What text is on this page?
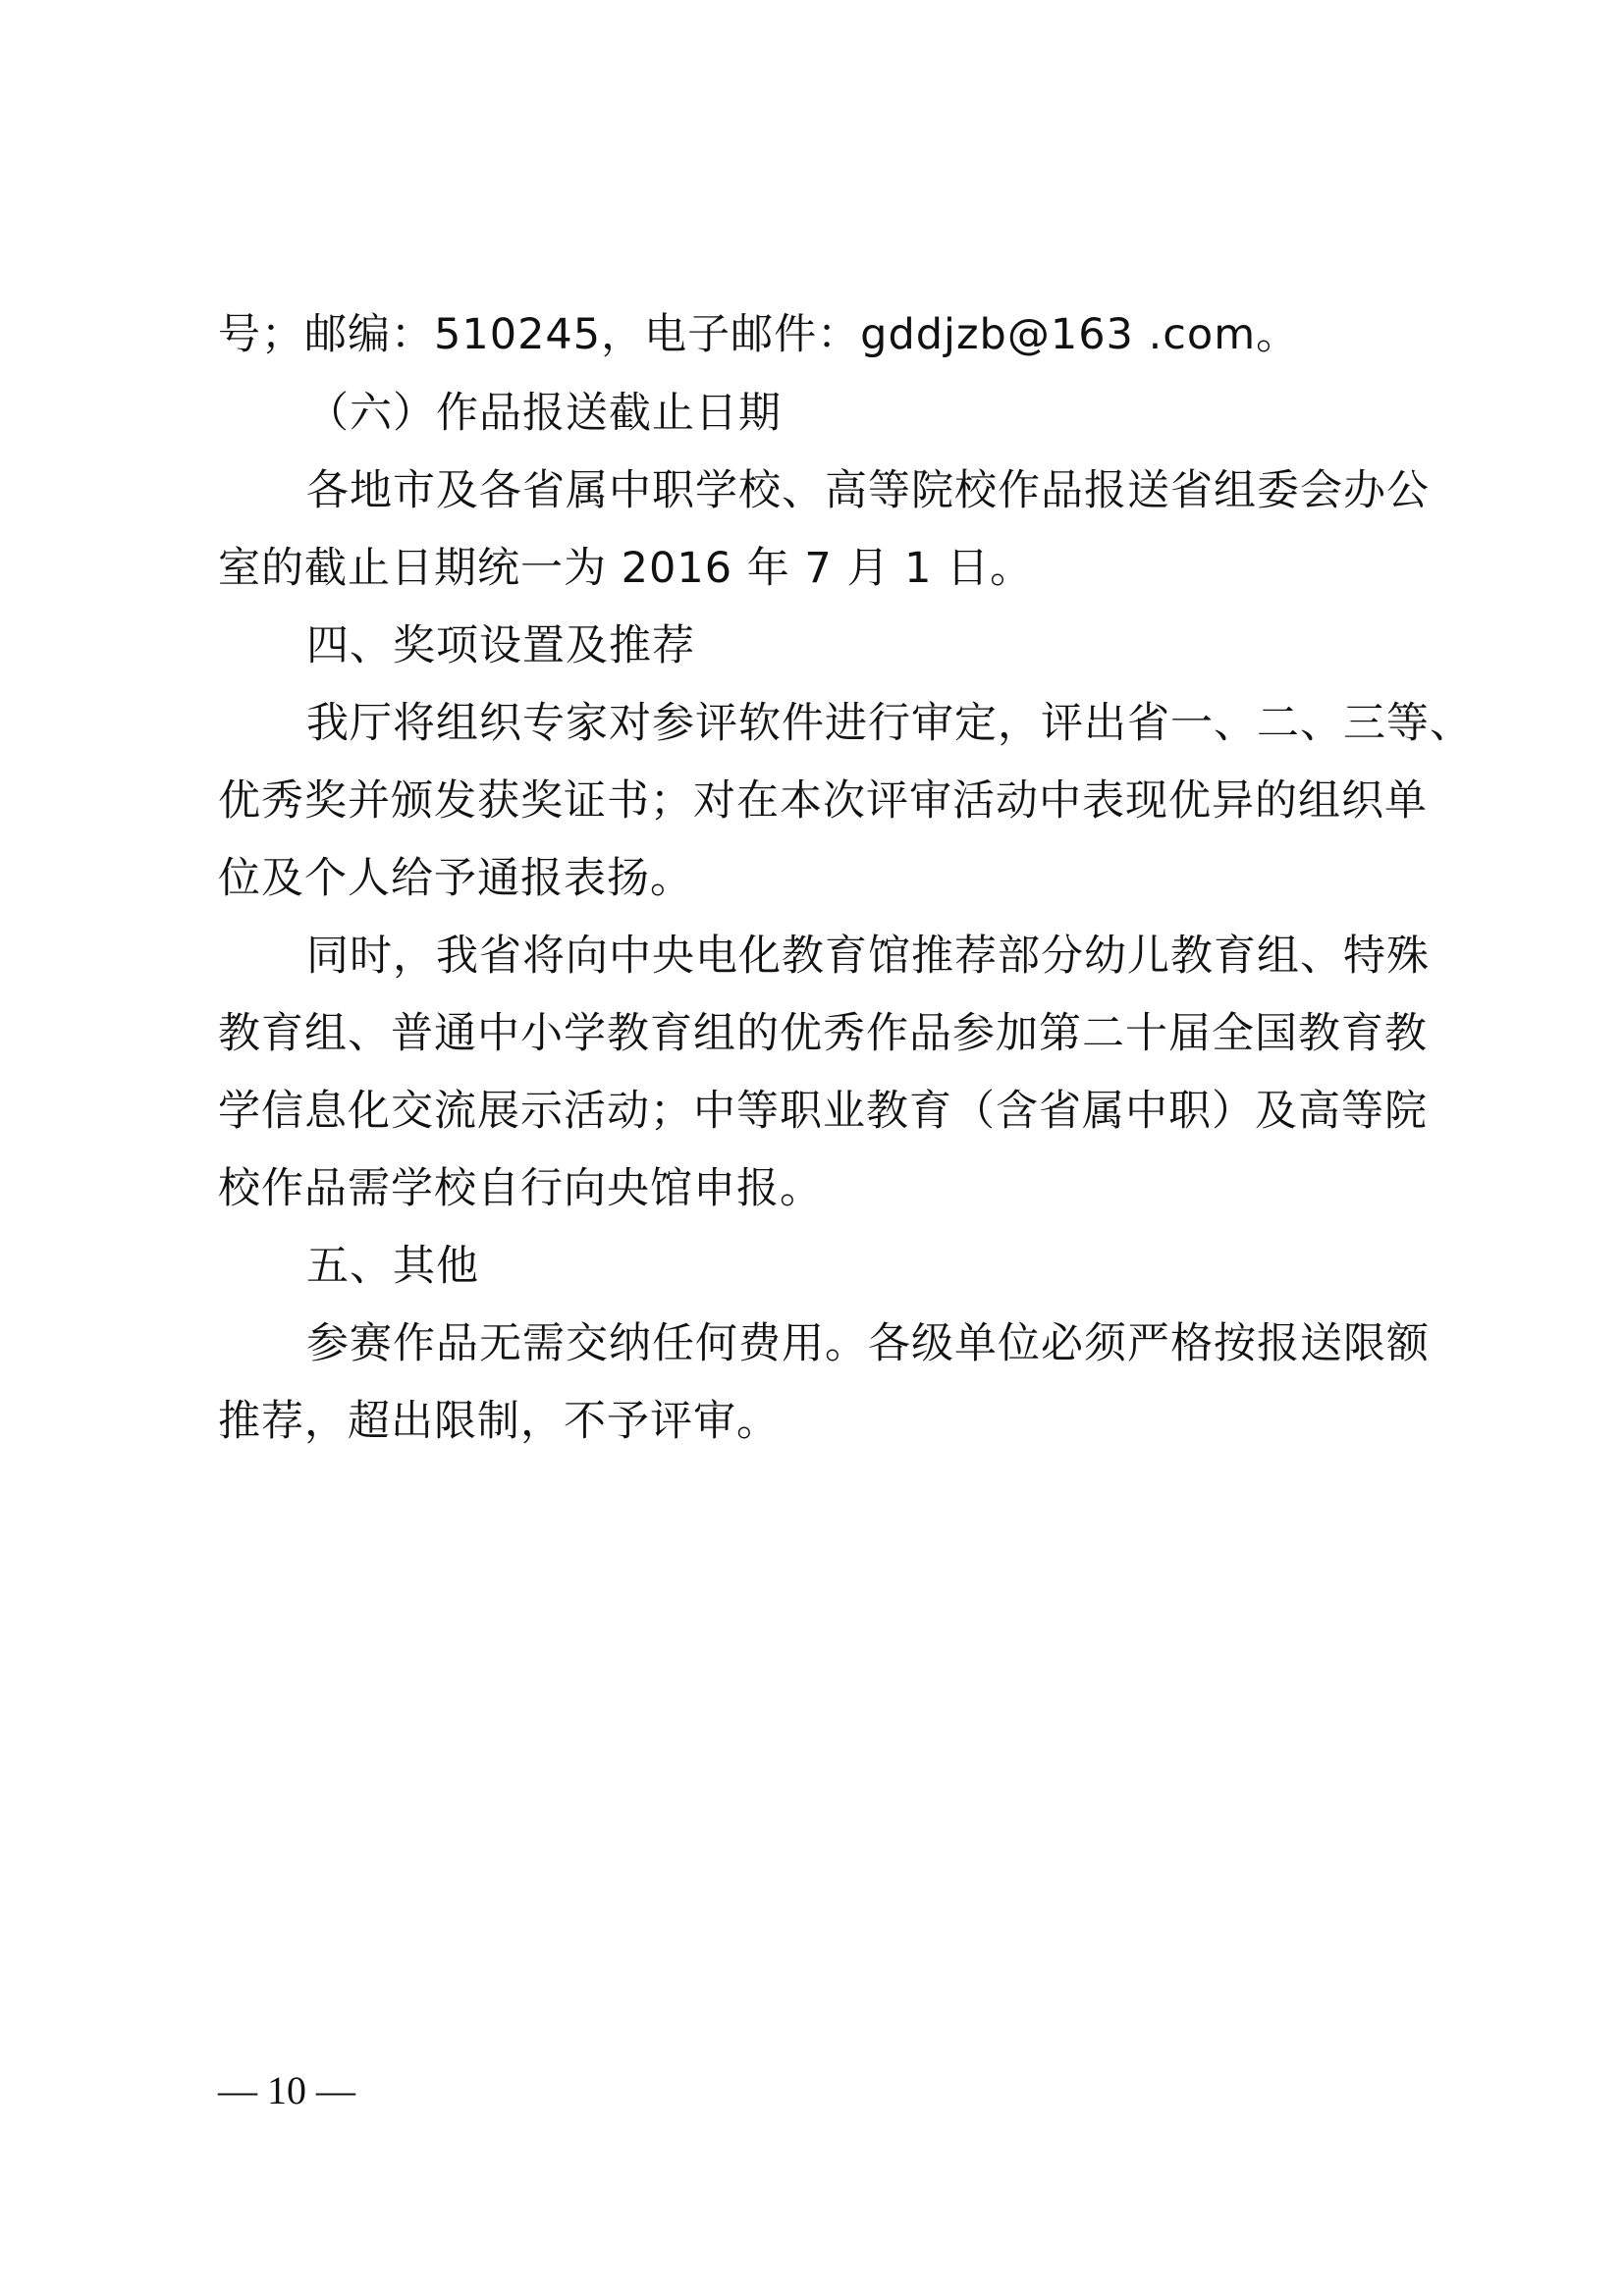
号；邮编：510245，电子邮件：gddjzb@163 .com。
（六）作品报送截止日期
各地市及各省属中职学校、高等院校作品报送省组委会办公
室的截止日期统一为 2016 年 7 月 1 日。
四、奖项设置及推荐
我厅将组织专家对参评软件进行审定，评出省一、二、三等、
优秀奖并颁发获奖证书；对在本次评审活动中表现优异的组织单
位及个人给予通报表扬。
同时，我省将向中央电化教育馆推荐部分幼儿教育组、特殊
教育组、普通中小学教育组的优秀作品参加第二十届全国教育教
学信息化交流展示活动；中等职业教育（含省属中职）及高等院
校作品需学校自行向央馆申报。
五、其他
参赛作品无需交纳任何费用。各级单位必须严格按报送限额
推荐，超出限制，不予评审。
— 10 —
